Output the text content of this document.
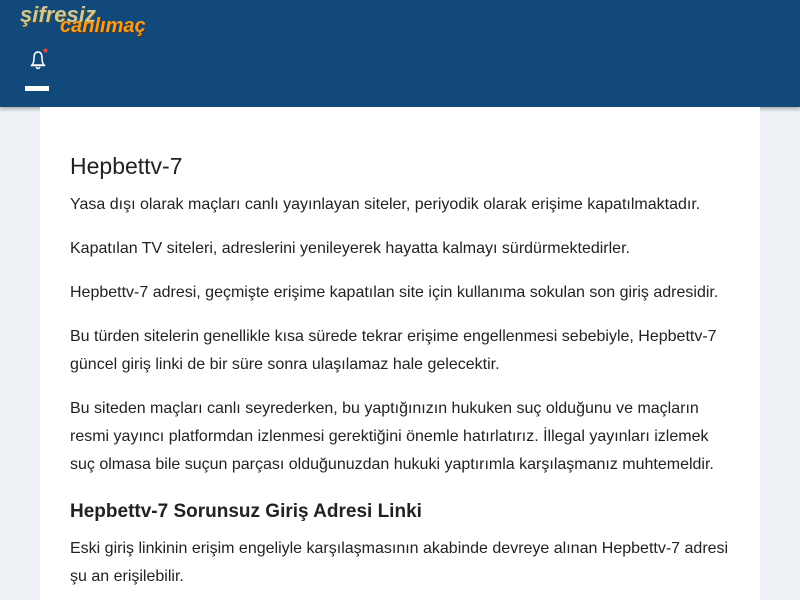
şifresiz
canlımaç
Hepbettv-7

Yasa dışı olarak maçları canlı yayınlayan siteler, periyodik olarak erişime kapatılmaktadır.

Kapatılan TV siteleri, adreslerini yenileyerek hayatta kalmayı sürdürmektedirler.

Hepbettv-7 adresi, geçmişte erişime kapatılan site için kullanıma sokulan son giriş adresidir.

Bu türden sitelerin genellikle kısa sürede tekrar erişime engellenmesi sebebiyle, Hepbettv-7 güncel giriş linki de bir süre sonra ulaşılamaz hale gelecektir.

Bu siteden maçları canlı seyrederken, bu yaptığınızın hukuken suç olduğunu ve maçların resmi yayıncı platformdan izlenmesi gerektiğini önemle hatırlatırız. İllegal yayınları izlemek suç olmasa bile suçun parçası olduğunuzdan hukuki yaptırımla karşılaşmanız muhtemeldir.

Hepbettv-7 Sorunsuz Giriş Adresi Linki

Eski giriş linkinin erişim engeliyle karşılaşmasının akabinde devreye alınan Hepbettv-7 adresi şu an erişilebilir.
